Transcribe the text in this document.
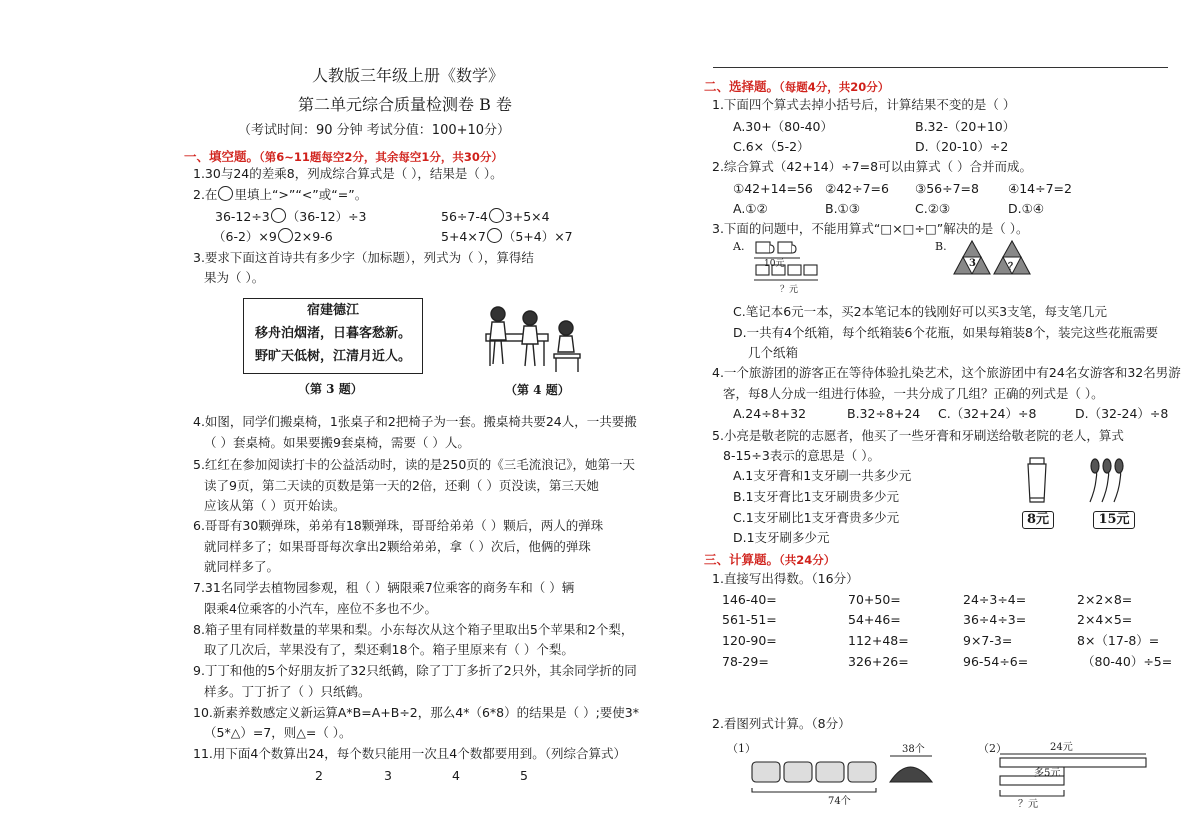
人教版三年级上册《数学》
第二单元综合质量检测卷 B 卷
（考试时间：90 分钟 考试分值：100+10分）
一、填空题。（第6~11题每空2分，其余每空1分，共30分）
1.30与24的差乘8，列成综合算式是（ ），结果是（ ）。
2.在 里填上“>”“<”或“=”。
36-12÷3 （36-12）÷3	56÷7-4 3+5×4
（6-2）×9 2×9-6	5+4×7 （5+4）×7
3.要求下面这首诗共有多少字（加标题），列式为（ ），算得结
果为（ ）。
宿建德江
移舟泊烟渚，日暮客愁新。
野旷天低树，江清月近人。
（第 3 题）	（第 4 题）
4.如图，同学们搬桌椅，1张桌子和2把椅子为一套。搬桌椅共要24人，一共要搬
（ ）套桌椅。如果要搬9套桌椅，需要（ ）人。
5.红红在参加阅读打卡的公益活动时，读的是250页的《三毛流浪记》，她第一天
读了9页，第二天读的页数是第一天的2倍，还剩（ ）页没读，第三天她
应该从第（ ）页开始读。
6.哥哥有30颗弹珠，弟弟有18颗弹珠，哥哥给弟弟（ ）颗后，两人的弹珠
就同样多了；如果哥哥每次拿出2颗给弟弟，拿（ ）次后，他俩的弹珠
就同样多了。
7.31名同学去植物园参观，租（ ）辆限乘7位乘客的商务车和（ ）辆
限乘4位乘客的小汽车，座位不多也不少。
8.箱子里有同样数量的苹果和梨。小东每次从这个箱子里取出5个苹果和2个梨，
取了几次后，苹果没有了，梨还剩18个。箱子里原来有（ ）个梨。
9.丁丁和他的5个好朋友折了32只纸鹤，除了丁丁多折了2只外，其余同学折的同
样多。丁丁折了（ ）只纸鹤。
10.新素养数感定义新运算A*B=A+B÷2，那么4*（6*8）的结果是（ ）;要使3*
（5*△）=7，则△=（ ）。
11.用下面4个数算出24，每个数只能用一次且4个数都要用到。（列综合算式）
2	3	4	5
二、选择题。（每题4分，共20分）
1.下面四个算式去掉小括号后，计算结果不变的是（ ）
A.30+（80-40）	B.32-（20+10）
C.6×（5-2）	D.（20-10）÷2
2.综合算式（42+14）÷7=8可以由算式（ ）合并而成。
①42+14=56 ②42÷7=6 ③56÷7=8 ④14÷7=2
A.①②	B.①③	C.②③	D.①④
3.下面的问题中，不能用算式“□×□÷□”解决的是（ ）。
A.
10元
？元
B.
3	？
C.笔记本6元一本，买2本笔记本的钱刚好可以买3支笔，每支笔几元
D.一共有4个纸箱，每个纸箱装6个花瓶，如果每箱装8个，装完这些花瓶需要
几个纸箱
4.一个旅游团的游客正在等待体验扎染艺术，这个旅游团中有24名女游客和32名男游
客，每8人分成一组进行体验，一共分成了几组？正确的列式是（ ）。
A.24÷8+32	B.32÷8+24 C.（32+24）÷8	D.（32-24）÷8
5.小亮是敬老院的志愿者，他买了一些牙膏和牙刷送给敬老院的老人，算式
8-15÷3表示的意思是（ ）。
A.1支牙膏和1支牙刷一共多少元
B.1支牙膏比1支牙刷贵多少元
C.1支牙刷比1支牙膏贵多少元
D.1支牙刷多少元
8元	15元
三、计算题。（共24分）
1.直接写出得数。（16分）
146-40=	70+50=	24÷3÷4=	2×2×8=
561-51=	54+46=	36÷4÷3=	2×4×5=
120-90=	112+48=	9×7-3=	8×（17-8）=
78-29=	326+26=	96-54÷6=	（80-40）÷5=
2.看图列式计算。（8分）
（1）	38个
74个
（2）	24元
多5元
？元
